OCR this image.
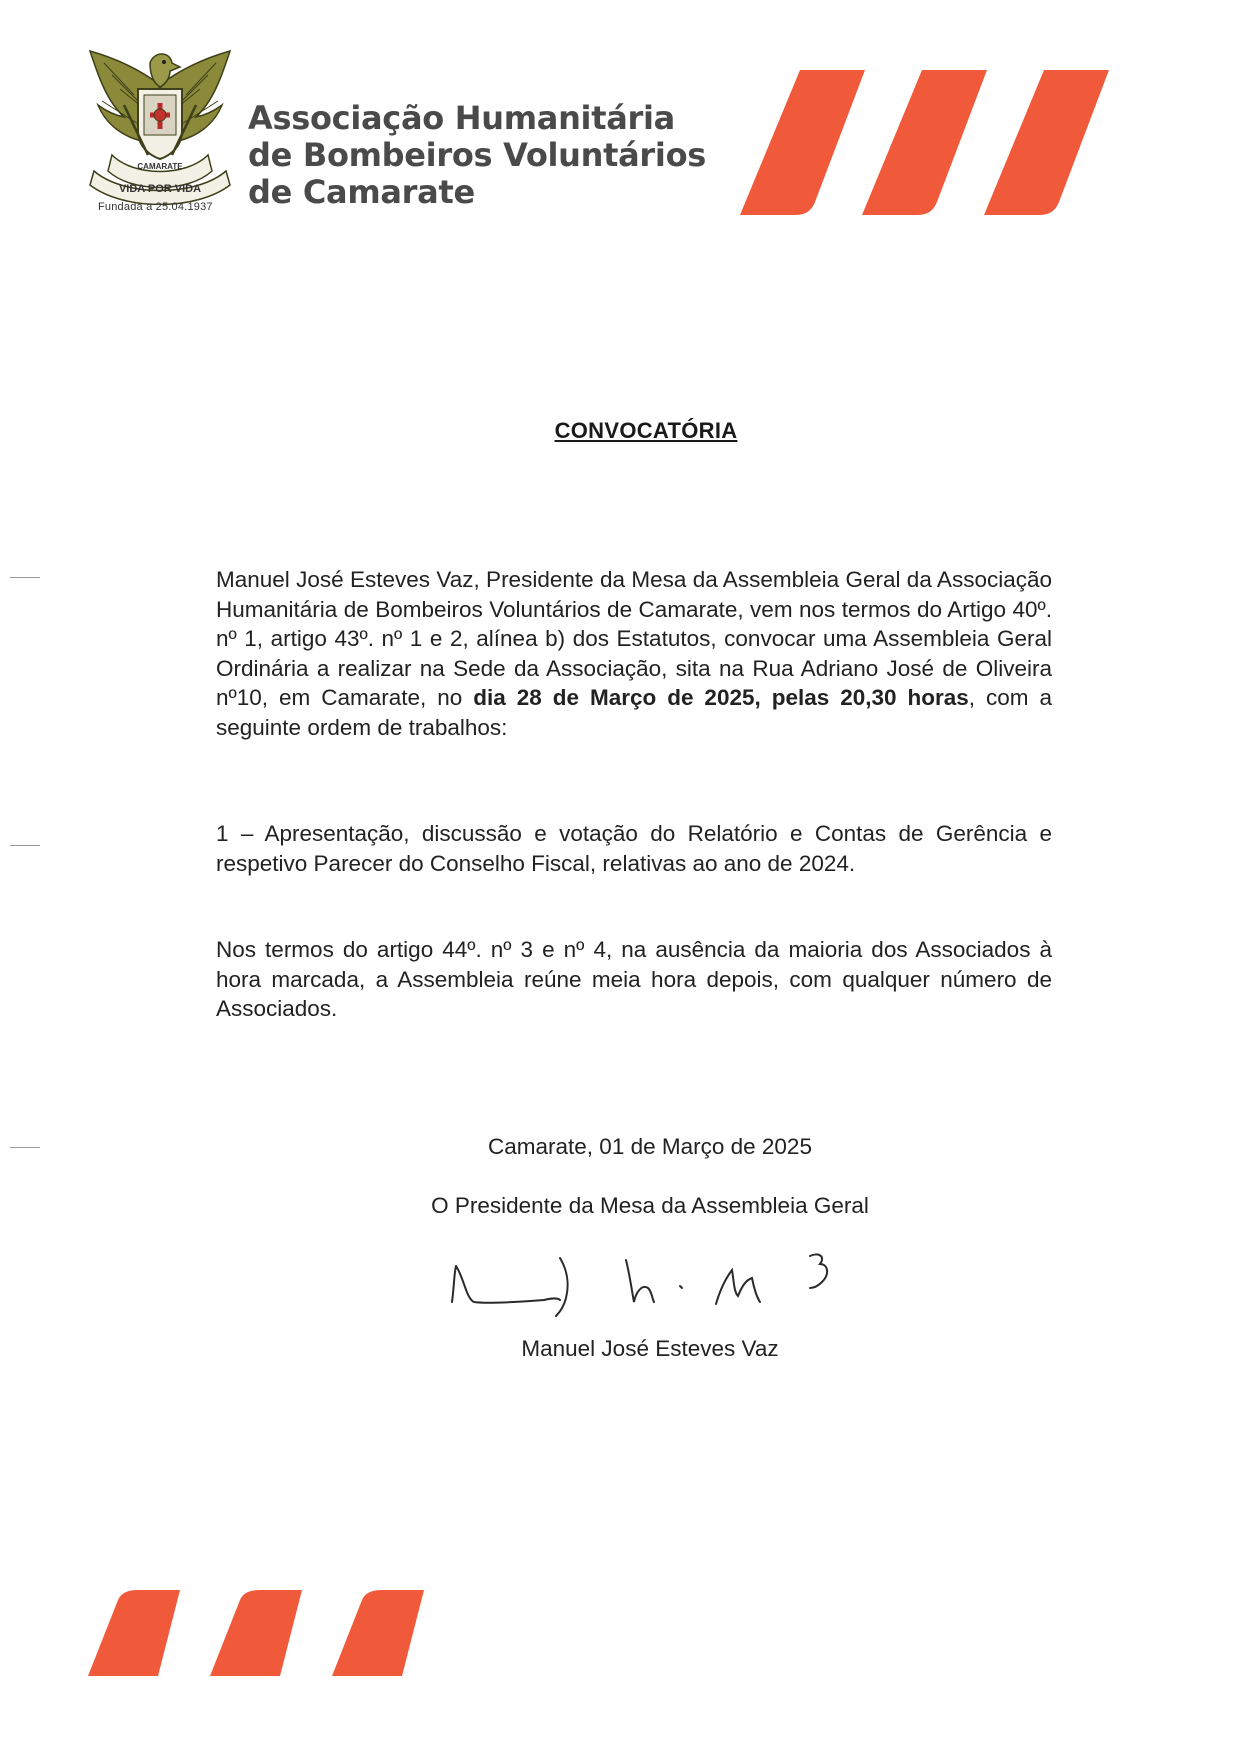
CAMARATE
VIDA POR VIDA
Fundada a 25.04.1937
Associação Humanitária
de Bombeiros Voluntários
de Camarate
CONVOCATÓRIA
Manuel José Esteves Vaz, Presidente da Mesa da Assembleia Geral da Associação Humanitária de Bombeiros Voluntários de Camarate, vem nos termos do Artigo 40º. nº 1, artigo 43º. nº 1 e 2, alínea b) dos Estatutos, convocar uma Assembleia Geral Ordinária a realizar na Sede da Associação, sita na Rua Adriano José de Oliveira nº10, em Camarate, no dia 28 de Março de 2025, pelas 20,30 horas, com a seguinte ordem de trabalhos:
1 – Apresentação, discussão e votação do Relatório e Contas de Gerência e respetivo Parecer do Conselho Fiscal, relativas ao ano de 2024.
Nos termos do artigo 44º. nº 3 e nº 4, na ausência da maioria dos Associados à hora marcada, a Assembleia reúne meia hora depois, com qualquer número de Associados.
Camarate, 01 de Março de 2025
O Presidente da Mesa da Assembleia Geral
Manuel José Esteves Vaz
